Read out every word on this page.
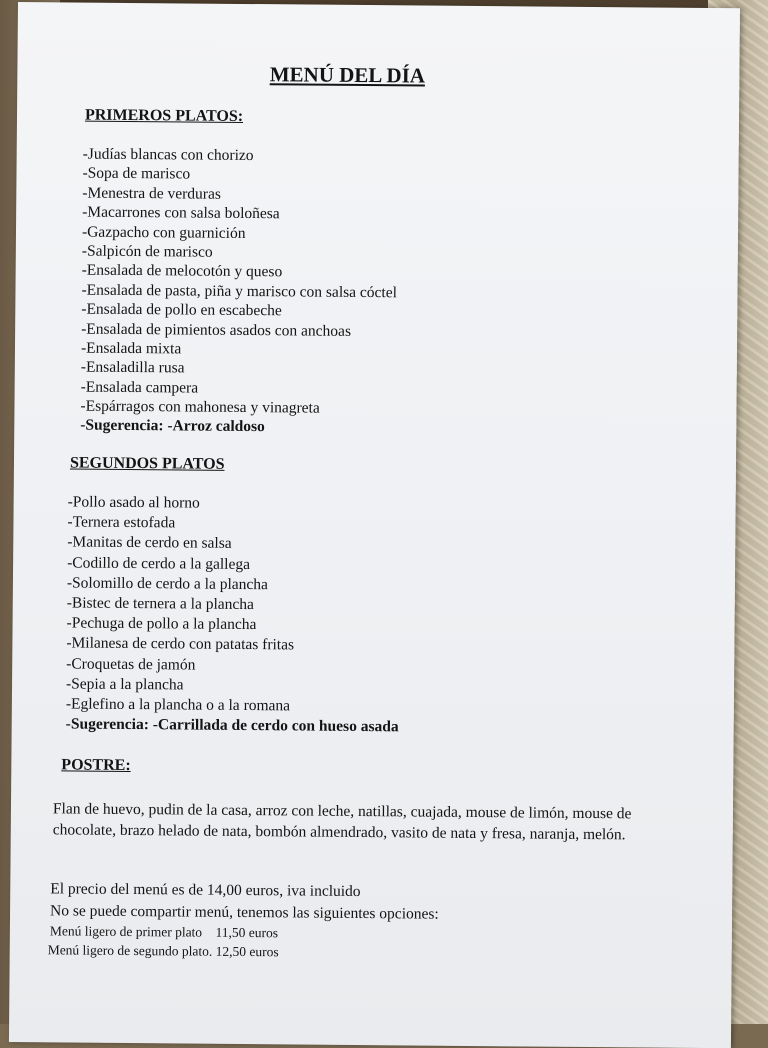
MENÚ DEL DÍA
PRIMEROS PLATOS:
-Judías blancas con chorizo
-Sopa de marisco
-Menestra de verduras
-Macarrones con salsa boloñesa
-Gazpacho con guarnición
-Salpicón de marisco
-Ensalada de melocotón y queso
-Ensalada de pasta, piña y marisco con salsa cóctel
-Ensalada de pollo en escabeche
-Ensalada de pimientos asados con anchoas
-Ensalada mixta
-Ensaladilla rusa
-Ensalada campera
-Espárragos con mahonesa y vinagreta
-Sugerencia: -Arroz caldoso
SEGUNDOS PLATOS
-Pollo asado al horno
-Ternera estofada
-Manitas de cerdo en salsa
-Codillo de cerdo a la gallega
-Solomillo de cerdo a la plancha
-Bistec de ternera a la plancha
-Pechuga de pollo a la plancha
-Milanesa de cerdo con patatas fritas
-Croquetas de jamón
-Sepia a la plancha
-Eglefino a la plancha o a la romana
-Sugerencia: -Carrillada de cerdo con hueso asada
POSTRE:
Flan de huevo, pudin de la casa, arroz con leche, natillas, cuajada, mouse de limón, mouse de chocolate, brazo helado de nata, bombón almendrado, vasito de nata y fresa, naranja, melón.
El precio del menú es de 14,00 euros, iva incluido
No se puede compartir menú, tenemos las siguientes opciones:
Menú ligero de primer plato    11,50 euros
Menú ligero de segundo plato. 12,50 euros
